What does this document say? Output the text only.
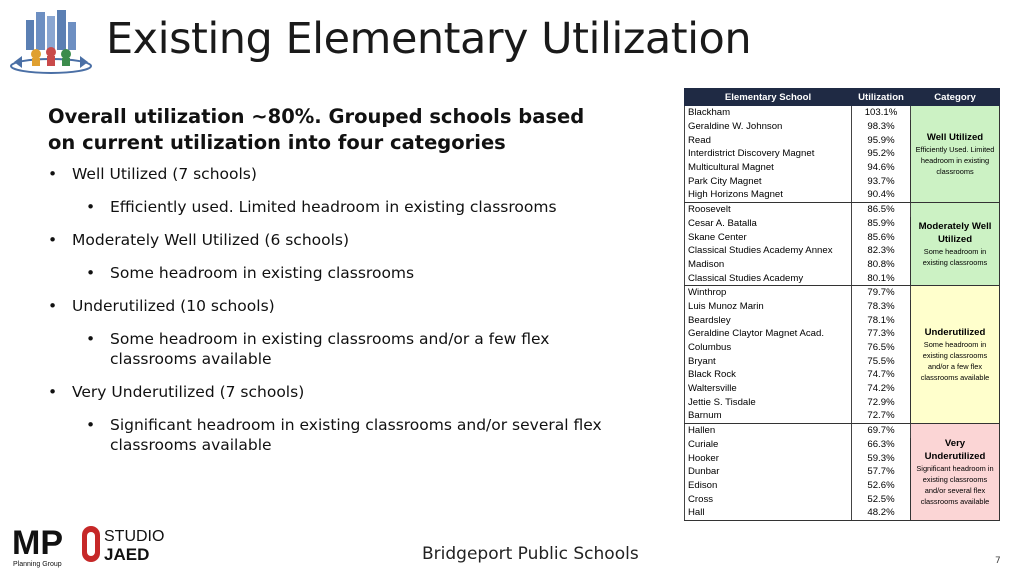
Existing Elementary Utilization
Overall utilization ~80%. Grouped schools based on current utilization into four categories
• Well Utilized (7 schools)
• Efficiently used. Limited headroom in existing classrooms
• Moderately Well Utilized (6 schools)
• Some headroom in existing classrooms
• Underutilized (10 schools)
• Some headroom in existing classrooms and/or a few flex classrooms available
• Very Underutilized (7 schools)
• Significant headroom in existing classrooms and/or several flex classrooms available
Elementary School	Utilization	Category
Blackham	103.1%	Well Utilized
Efficiently Used. Limited headroom in existing classrooms

Geraldine W. Johnson	98.3%	
Read	95.9%	
Interdistrict Discovery Magnet	95.2%	
Multicultural Magnet	94.6%	
Park City Magnet	93.7%	
High Horizons Magnet	90.4%	
Roosevelt	86.5%	Moderately Well Utilized
Some headroom in existing classrooms

Cesar A. Batalla	85.9%	
Skane Center	85.6%	
Classical Studies Academy Annex	82.3%	
Madison	80.8%	
Classical Studies Academy	80.1%	
Winthrop	79.7%	Underutilized
Some headroom in existing classrooms and/or a few flex classrooms available

Luis Munoz Marin	78.3%	
Beardsley	78.1%	
Geraldine Claytor Magnet Acad.	77.3%	
Columbus	76.5%	
Bryant	75.5%	
Black Rock	74.7%	
Waltersville	74.2%	
Jettie S. Tisdale	72.9%	
Barnum	72.7%	
Hallen	69.7%	Very Underutilized
Significant headroom in existing classrooms and/or several flex classrooms available

Curiale	66.3%	
Hooker	59.3%	
Dunbar	57.7%	
Edison	52.6%	
Cross	52.5%	
Hall	48.2%	
MP
Planning Group
STUDIO
JAED	Bridgeport Public Schools	7
